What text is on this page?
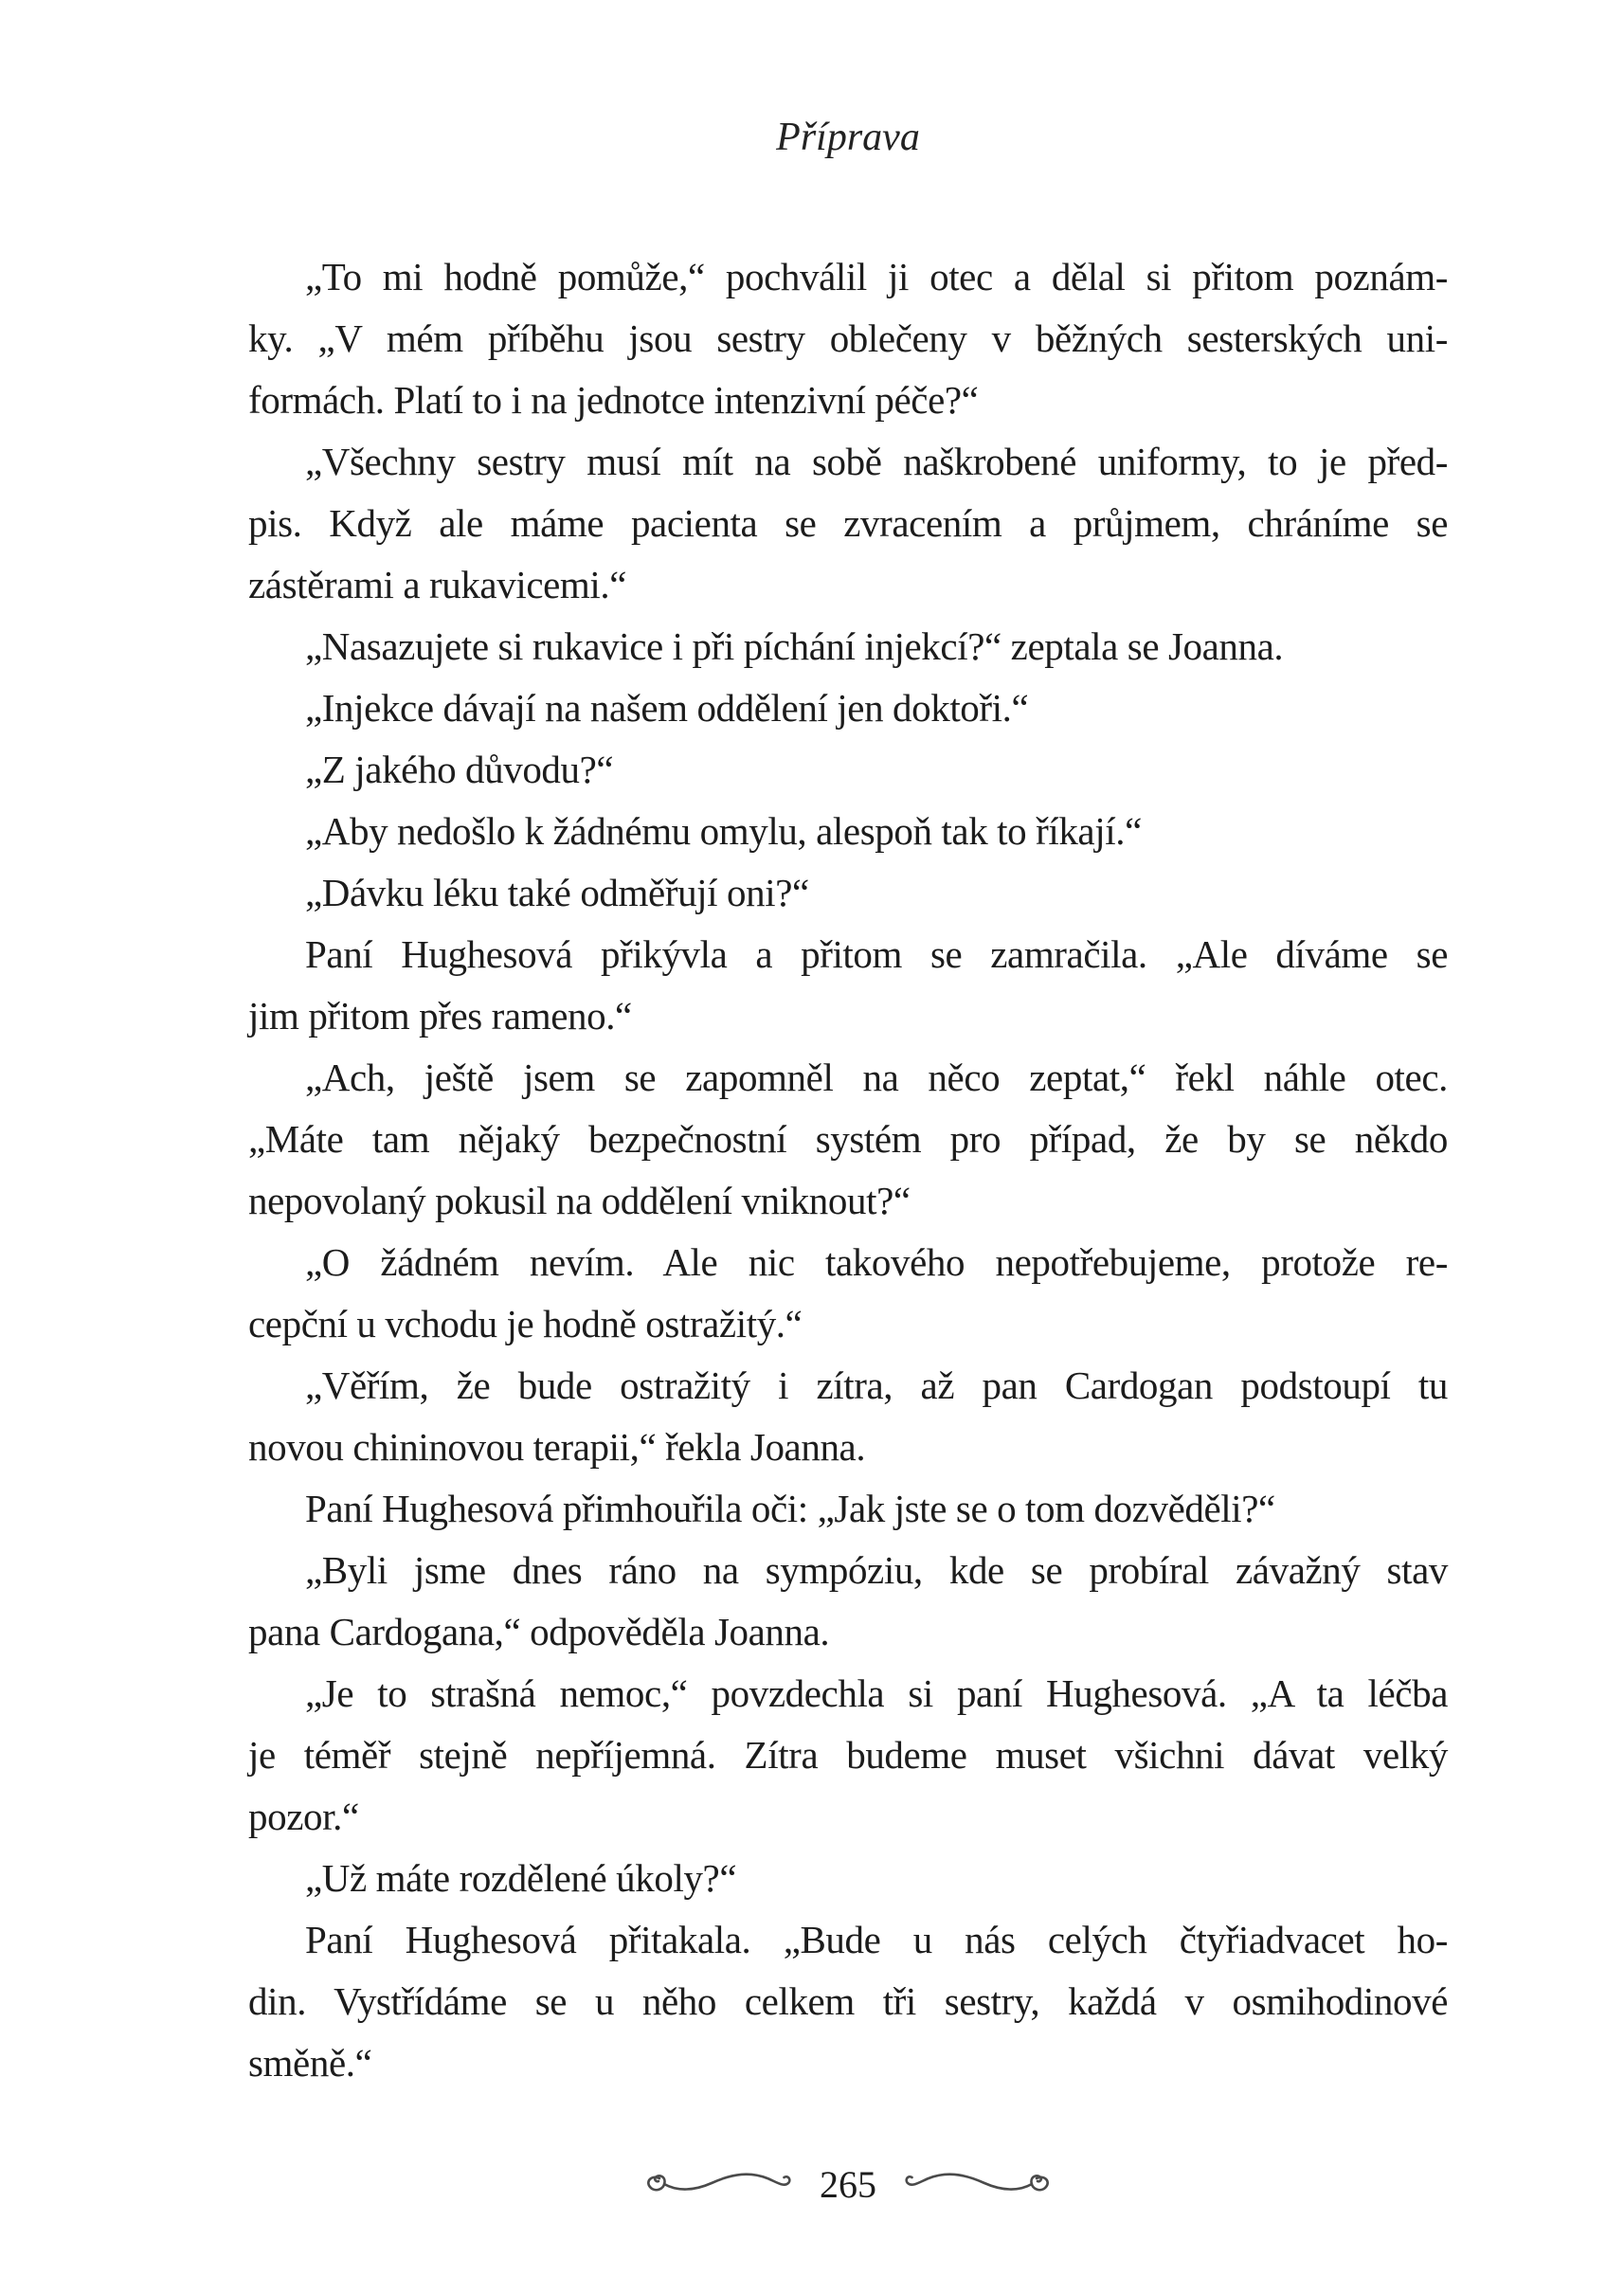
Příprava
„To mi hodně pomůže,“ pochválil ji otec a dělal si přitom poznám-
ky. „V mém příběhu jsou sestry oblečeny v běžných sesterských uni-
formách. Platí to i na jednotce intenzivní péče?“
„Všechny sestry musí mít na sobě naškrobené uniformy, to je před-
pis. Když ale máme pacienta se zvracením a průjmem, chráníme se
zástěrami a rukavicemi.“
„Nasazujete si rukavice i při píchání injekcí?“ zeptala se Joanna.
„Injekce dávají na našem oddělení jen doktoři.“
„Z jakého důvodu?“
„Aby nedošlo k žádnému omylu, alespoň tak to říkají.“
„Dávku léku také odměřují oni?“
Paní Hughesová přikývla a přitom se zamračila. „Ale díváme se
jim přitom přes rameno.“
„Ach, ještě jsem se zapomněl na něco zeptat,“ řekl náhle otec.
„Máte tam nějaký bezpečnostní systém pro případ, že by se někdo
nepovolaný pokusil na oddělení vniknout?“
„O žádném nevím. Ale nic takového nepotřebujeme, protože re-
cepční u vchodu je hodně ostražitý.“
„Věřím, že bude ostražitý i zítra, až pan Cardogan podstoupí tu
novou chininovou terapii,“ řekla Joanna.
Paní Hughesová přimhouřila oči: „Jak jste se o tom dozvěděli?“
„Byli jsme dnes ráno na sympóziu, kde se probíral závažný stav
pana Cardogana,“ odpověděla Joanna.
„Je to strašná nemoc,“ povzdechla si paní Hughesová. „A ta léčba
je téměř stejně nepříjemná. Zítra budeme muset všichni dávat velký
pozor.“
„Už máte rozdělené úkoly?“
Paní Hughesová přitakala. „Bude u nás celých čtyřiadvacet ho-
din. Vystřídáme se u něho celkem tři sestry, každá v osmihodinové
směně.“
265
